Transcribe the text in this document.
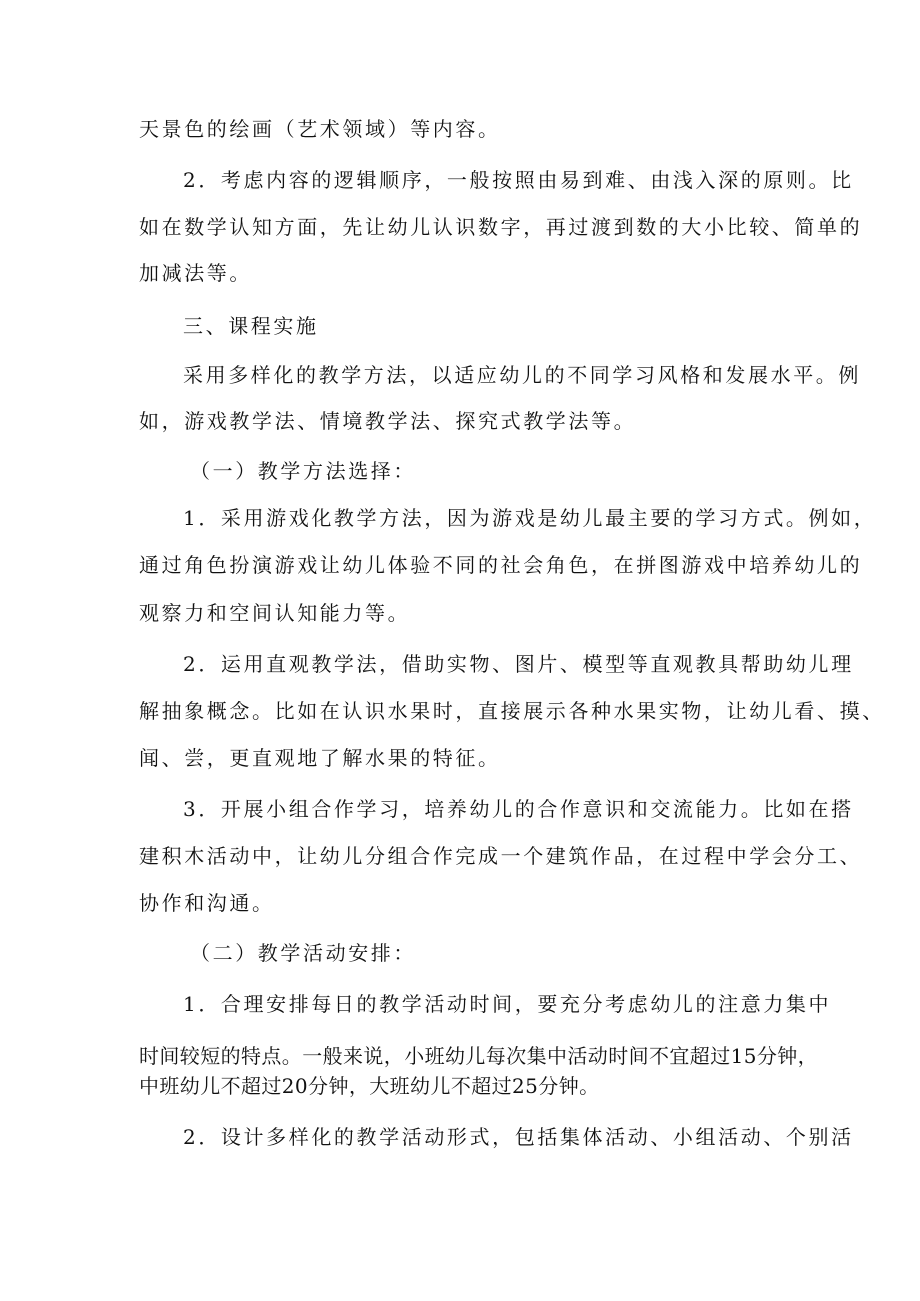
天景色的绘画（艺术领域）等内容。

2．考虑内容的逻辑顺序，一般按照由易到难、由浅入深的原则。比

如在数学认知方面，先让幼儿认识数字，再过渡到数的大小比较、简单的

加减法等。

三、课程实施

采用多样化的教学方法，以适应幼儿的不同学习风格和发展水平。例

如，游戏教学法、情境教学法、探究式教学法等。

（一）教学方法选择：

1．采用游戏化教学方法，因为游戏是幼儿最主要的学习方式。例如，

通过角色扮演游戏让幼儿体验不同的社会角色，在拼图游戏中培养幼儿的

观察力和空间认知能力等。

2．运用直观教学法，借助实物、图片、模型等直观教具帮助幼儿理

解抽象概念。比如在认识水果时，直接展示各种水果实物，让幼儿看、摸、

闻、尝，更直观地了解水果的特征。

3．开展小组合作学习，培养幼儿的合作意识和交流能力。比如在搭

建积木活动中，让幼儿分组合作完成一个建筑作品，在过程中学会分工、

协作和沟通。

（二）教学活动安排：

1．合理安排每日的教学活动时间，要充分考虑幼儿的注意力集中

时间较短的特点。一般来说，小班幼儿每次集中活动时间不宜超过15分钟，

中班幼儿不超过20分钟，大班幼儿不超过25分钟。

2．设计多样化的教学活动形式，包括集体活动、小组活动、个别活
